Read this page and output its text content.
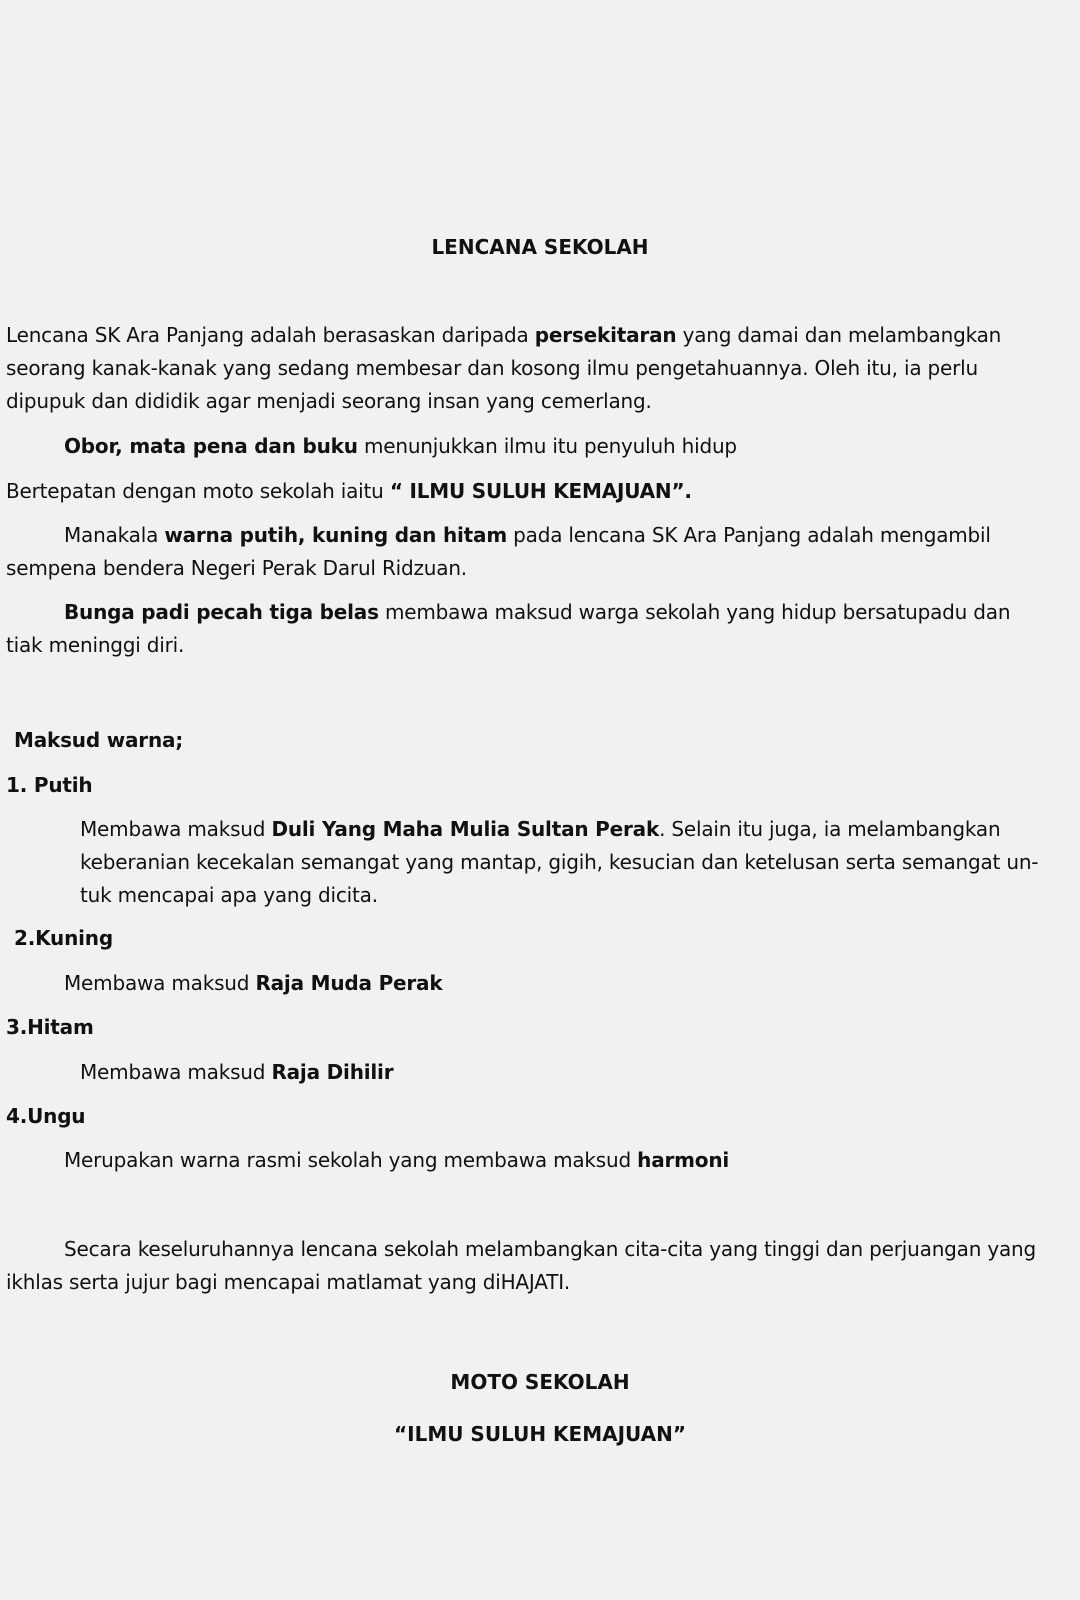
LENCANA SEKOLAH

Lencana SK Ara Panjang adalah berasaskan daripada persekitaran yang damai dan melambangkan

seorang kanak-kanak yang sedang membesar dan kosong ilmu pengetahuannya. Oleh itu, ia perlu

dipupuk dan dididik agar menjadi seorang insan yang cemerlang.

Obor, mata pena dan buku menunjukkan ilmu itu penyuluh hidup

Bertepatan dengan moto sekolah iaitu “ ILMU SULUH KEMAJUAN”.

Manakala warna putih, kuning dan hitam pada lencana SK Ara Panjang adalah mengambil

sempena bendera Negeri Perak Darul Ridzuan.

Bunga padi pecah tiga belas membawa maksud warga sekolah yang hidup bersatupadu dan

tiak meninggi diri.

Maksud warna;

1. Putih

Membawa maksud Duli Yang Maha Mulia Sultan Perak. Selain itu juga, ia melambangkan

keberanian kecekalan semangat yang mantap, gigih, kesucian dan ketelusan serta semangat un-

tuk mencapai apa yang dicita.

2.Kuning

Membawa maksud Raja Muda Perak

3.Hitam

Membawa maksud Raja Dihilir

4.Ungu

Merupakan warna rasmi sekolah yang membawa maksud harmoni

Secara keseluruhannya lencana sekolah melambangkan cita-cita yang tinggi dan perjuangan yang

ikhlas serta jujur bagi mencapai matlamat yang diHAJATI.

MOTO SEKOLAH

“ILMU SULUH KEMAJUAN”
